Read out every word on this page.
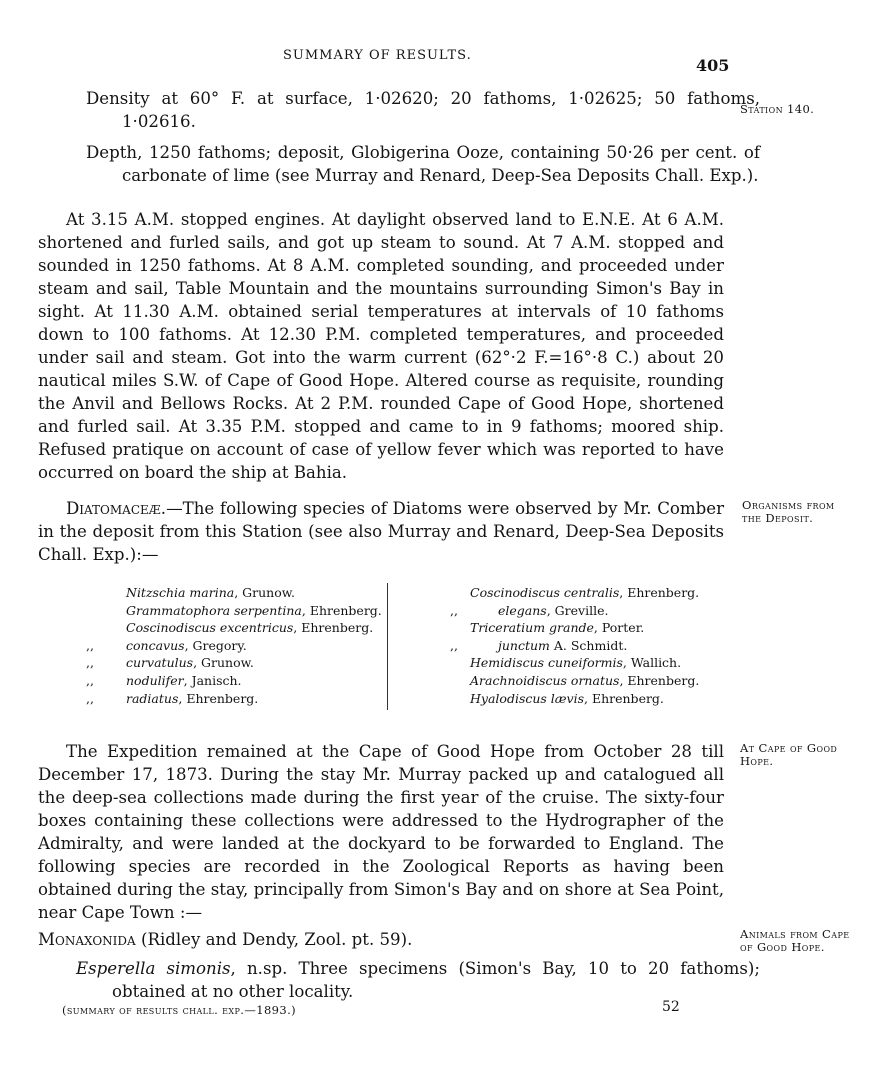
SUMMARY OF RESULTS.
405
Station 140.
Density at 60° F. at surface, 1·02620; 20 fathoms, 1·02625; 50 fathoms, 1·02616.
Depth, 1250 fathoms; deposit, Globigerina Ooze, containing 50·26 per cent. of carbonate of lime (see Murray and Renard, Deep-Sea Deposits Chall. Exp.).
At 3.15 A.M. stopped engines. At daylight observed land to E.N.E. At 6 A.M. shortened and furled sails, and got up steam to sound. At 7 A.M. stopped and sounded in 1250 fathoms. At 8 A.M. completed sounding, and proceeded under steam and sail, Table Mountain and the mountains surrounding Simon's Bay in sight. At 11.30 A.M. obtained serial temperatures at intervals of 10 fathoms down to 100 fathoms. At 12.30 P.M. completed temperatures, and proceeded under sail and steam. Got into the warm current (62°·2 F.=16°·8 C.) about 20 nautical miles S.W. of Cape of Good Hope. Altered course as requisite, rounding the Anvil and Bellows Rocks. At 2 P.M. rounded Cape of Good Hope, shortened and furled sail. At 3.35 P.M. stopped and came to in 9 fathoms; moored ship. Refused pratique on account of case of yellow fever which was reported to have occurred on board the ship at Bahia.
Organisms from the Deposit.
Diatomaceæ.—The following species of Diatoms were observed by Mr. Comber in the deposit from this Station (see also Murray and Renard, Deep-Sea Deposits Chall. Exp.):—
Nitzschia marina, Grunow.
Grammatophora serpentina, Ehrenberg.
Coscinodiscus excentricus, Ehrenberg.
,,	concavus, Gregory.
,,	curvatulus, Grunow.
,,	nodulifer, Janisch.
,,	radiatus, Ehrenberg.
Coscinodiscus centralis, Ehrenberg.
,,	elegans, Greville.
Triceratium grande, Porter.
,,	junctum A. Schmidt.
Hemidiscus cuneiformis, Wallich.
Arachnoidiscus ornatus, Ehrenberg.
Hyalodiscus lævis, Ehrenberg.
At Cape of Good Hope.
The Expedition remained at the Cape of Good Hope from October 28 till December 17, 1873. During the stay Mr. Murray packed up and catalogued all the deep-sea collections made during the first year of the cruise. The sixty-four boxes containing these collections were addressed to the Hydrographer of the Admiralty, and were landed at the dockyard to be forwarded to England. The following species are recorded in the Zoological Reports as having been obtained during the stay, principally from Simon's Bay and on shore at Sea Point, near Cape Town :—
Animals from Cape of Good Hope.
Monaxonida (Ridley and Dendy, Zool. pt. 59).
Esperella simonis, n.sp. Three specimens (Simon's Bay, 10 to 20 fathoms); obtained at no other locality.
(summary of results chall. exp.—1893.)	52
